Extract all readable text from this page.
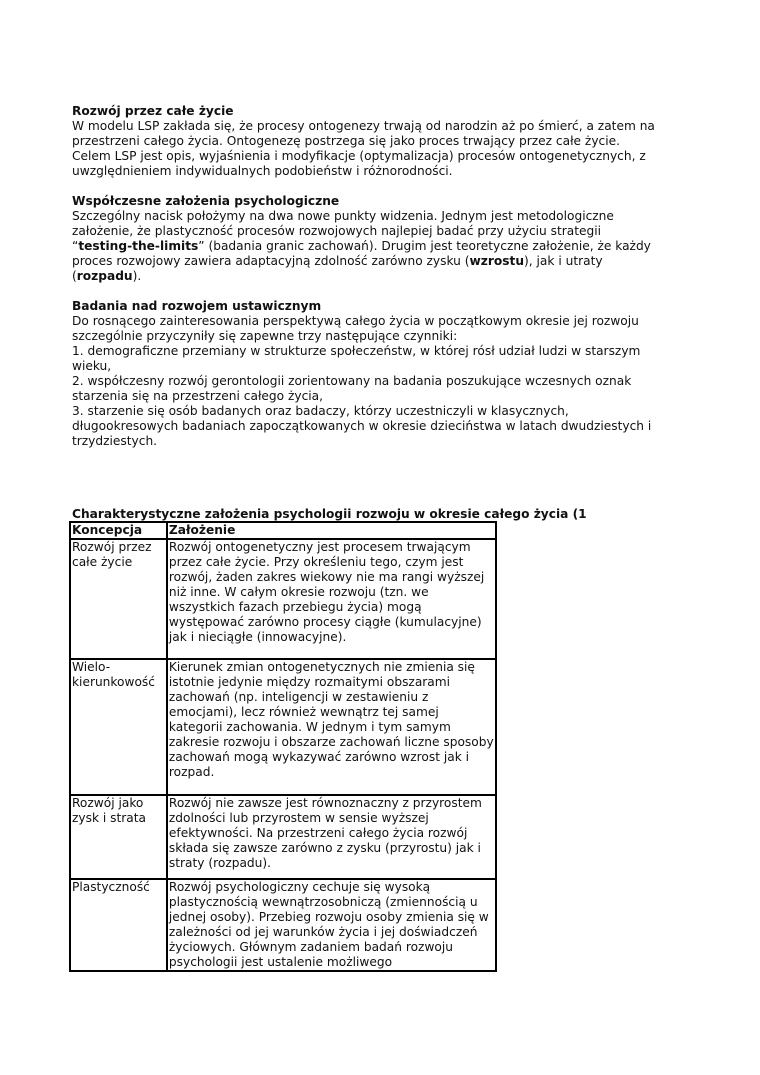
Rozwój przez całe życie

W modelu LSP zakłada się, że procesy ontogenezy trwają od narodzin aż po śmierć, a zatem na
przestrzeni całego życia. Ontogenezę postrzega się jako proces trwający przez całe życie.
Celem LSP jest opis, wyjaśnienia i modyfikacje (optymalizacja) procesów ontogenetycznych, z
uwzględnieniem indywidualnych podobieństw i różnorodności.

Współczesne założenia psychologiczne

Szczególny nacisk położymy na dwa nowe punkty widzenia. Jednym jest metodologiczne
założenie, że plastyczność procesów rozwojowych najlepiej badać przy użyciu strategii
“testing-the-limits” (badania granic zachowań). Drugim jest teoretyczne założenie, że każdy
proces rozwojowy zawiera adaptacyjną zdolność zarówno zysku (wzrostu), jak i utraty
(rozpadu).

Badania nad rozwojem ustawicznym

Do rosnącego zainteresowania perspektywą całego życia w początkowym okresie jej rozwoju
szczególnie przyczyniły się zapewne trzy następujące czynniki:
1. demograficzne przemiany w strukturze społeczeństw, w której rósł udział ludzi w starszym
wieku,
2. współczesny rozwój gerontologii zorientowany na badania poszukujące wczesnych oznak
starzenia się na przestrzeni całego życia,
3. starzenie się osób badanych oraz badaczy, którzy uczestniczyli w klasycznych,
długookresowych badaniach zapoczątkowanych w okresie dzieciństwa w latach dwudziestych i
trzydziestych.

Charakterystyczne założenia psychologii rozwoju w okresie całego życia (1
Koncepcja	Założenie
Rozwój przez całe życie	Rozwój ontogenetyczny jest procesem trwającym przez całe życie. Przy określeniu tego, czym jest rozwój, żaden zakres wiekowy nie ma rangi wyższej niż inne. W całym okresie rozwoju (tzn. we wszystkich fazach przebiegu życia) mogą występować zarówno procesy ciągłe (kumulacyjne) jak i nieciągłe (innowacyjne).
Wielo-kierunkowość	Kierunek zmian ontogenetycznych nie zmienia się istotnie jedynie między rozmaitymi obszarami zachowań (np. inteligencji w zestawieniu z emocjami), lecz również wewnątrz tej samej kategorii zachowania. W jednym i tym samym zakresie rozwoju i obszarze zachowań liczne sposoby zachowań mogą wykazywać zarówno wzrost jak i rozpad.
Rozwój jako zysk i strata	Rozwój nie zawsze jest równoznaczny z przyrostem zdolności lub przyrostem w sensie wyższej efektywności. Na przestrzeni całego życia rozwój składa się zawsze zarówno z zysku (przyrostu) jak i straty (rozpadu).
Plastyczność	Rozwój psychologiczny cechuje się wysoką plastycznością wewnątrzosobniczą (zmiennością u jednej osoby). Przebieg rozwoju osoby zmienia się w zależności od jej warunków życia i jej doświadczeń życiowych. Głównym zadaniem badań rozwoju psychologii jest ustalenie możliwego
